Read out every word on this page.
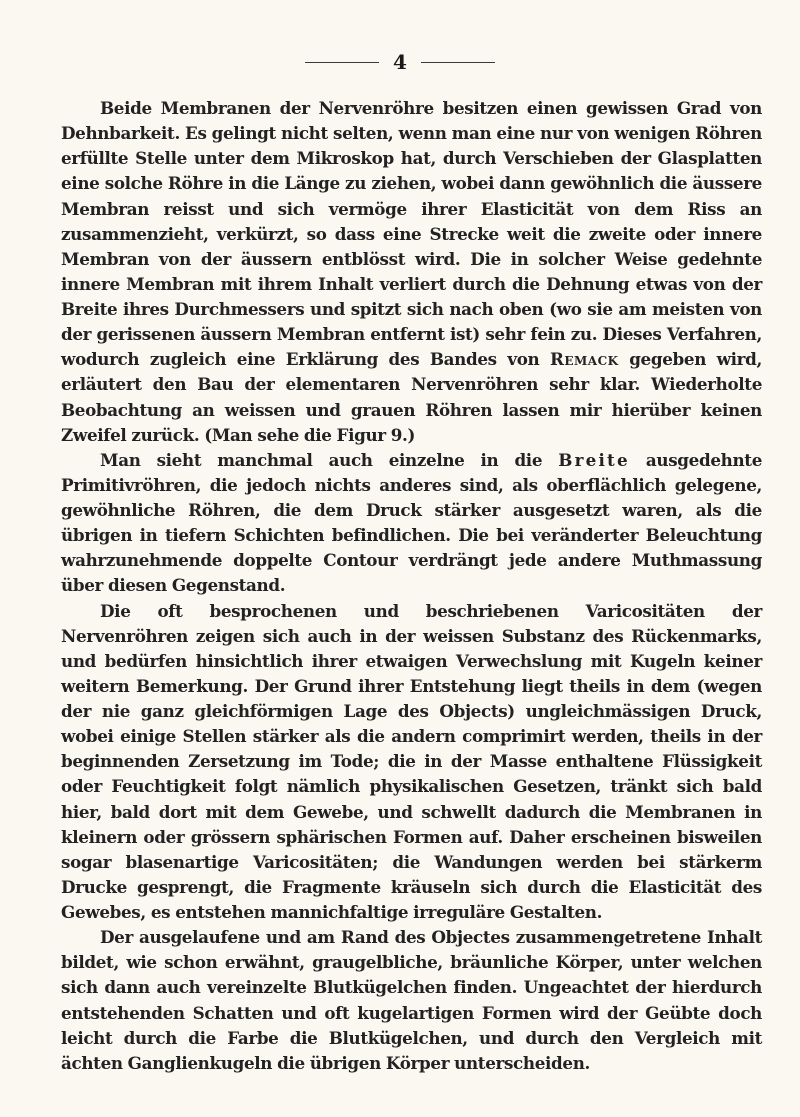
4

Beide Membranen der Nervenröhre besitzen einen gewissen Grad von Dehnbarkeit. Es gelingt nicht selten, wenn man eine nur von wenigen Röhren erfüllte Stelle unter dem Mikroskop hat, durch Verschieben der Glasplatten eine solche Röhre in die Länge zu ziehen, wobei dann gewöhnlich die äussere Membran reisst und sich vermöge ihrer Elasticität von dem Riss an zusammenzieht, verkürzt, so dass eine Strecke weit die zweite oder innere Membran von der äussern entblösst wird. Die in solcher Weise gedehnte innere Membran mit ihrem Inhalt verliert durch die Dehnung etwas von der Breite ihres Durchmessers und spitzt sich nach oben (wo sie am meisten von der gerissenen äussern Membran entfernt ist) sehr fein zu. Dieses Verfahren, wodurch zugleich eine Erklärung des Bandes von Remack gegeben wird, erläutert den Bau der elementaren Nervenröhren sehr klar. Wiederholte Beobachtung an weissen und grauen Röhren lassen mir hierüber keinen Zweifel zurück. (Man sehe die Figur 9.)

Man sieht manchmal auch einzelne in die Breite ausgedehnte Primitivröhren, die jedoch nichts anderes sind, als oberflächlich gelegene, gewöhnliche Röhren, die dem Druck stärker ausgesetzt waren, als die übrigen in tiefern Schichten befindlichen. Die bei veränderter Beleuchtung wahrzunehmende doppelte Contour verdrängt jede andere Muthmassung über diesen Gegenstand.

Die oft besprochenen und beschriebenen Varicositäten der Nervenröhren zeigen sich auch in der weissen Substanz des Rückenmarks, und bedürfen hinsichtlich ihrer etwaigen Verwechslung mit Kugeln keiner weitern Bemerkung. Der Grund ihrer Entstehung liegt theils in dem (wegen der nie ganz gleichförmigen Lage des Objects) ungleichmässigen Druck, wobei einige Stellen stärker als die andern comprimirt werden, theils in der beginnenden Zersetzung im Tode; die in der Masse enthaltene Flüssigkeit oder Feuchtigkeit folgt nämlich physikalischen Gesetzen, tränkt sich bald hier, bald dort mit dem Gewebe, und schwellt dadurch die Membranen in kleinern oder grössern sphärischen Formen auf. Daher erscheinen bisweilen sogar blasenartige Varicositäten; die Wandungen werden bei stärkerm Drucke gesprengt, die Fragmente kräuseln sich durch die Elasticität des Gewebes, es entstehen mannichfaltige irreguläre Gestalten.

Der ausgelaufene und am Rand des Objectes zusammengetretene Inhalt bildet, wie schon erwähnt, graugelbliche, bräunliche Körper, unter welchen sich dann auch vereinzelte Blutkügelchen finden. Ungeachtet der hierdurch entstehenden Schatten und oft kugelartigen Formen wird der Geübte doch leicht durch die Farbe die Blutkügelchen, und durch den Vergleich mit ächten Ganglienkugeln die übrigen Körper unterscheiden.
